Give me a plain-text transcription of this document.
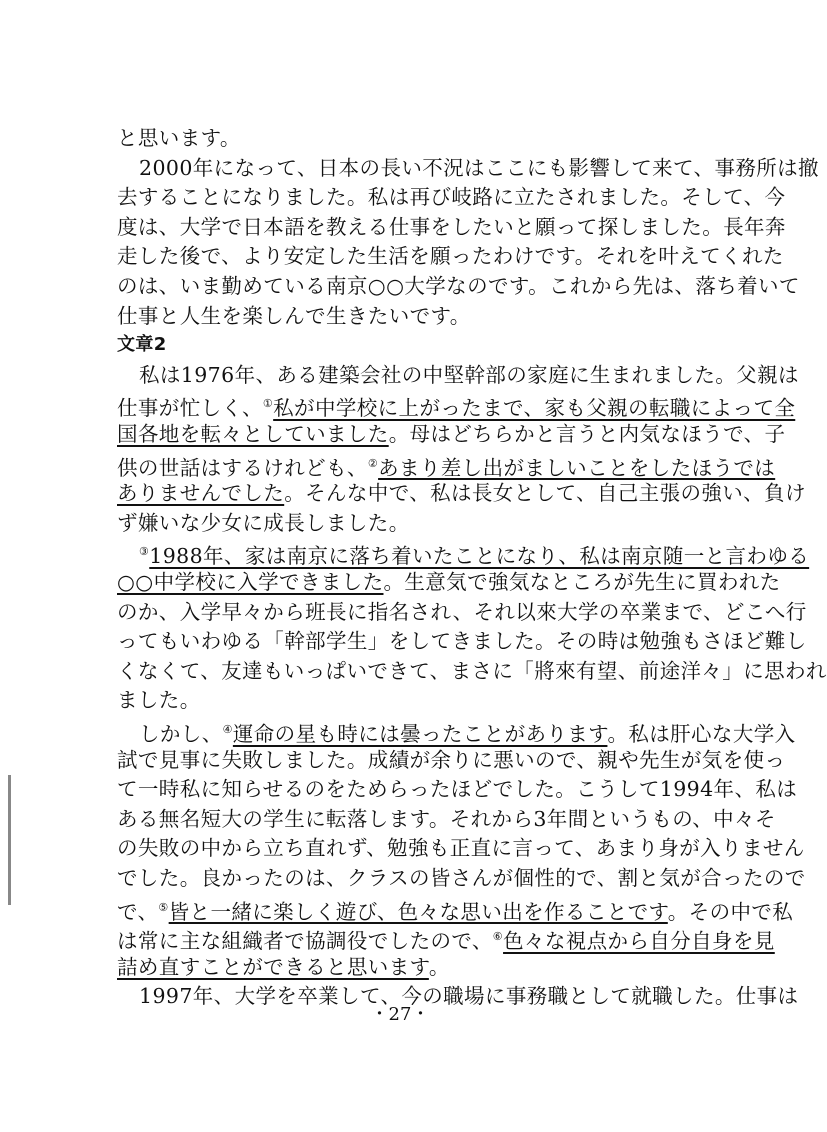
と思います。
2000年になって、日本の長い不況はここにも影響して来て、事務所は撤
去することになりました。私は再び岐路に立たされました。そして、今
度は、大学で日本語を教える仕事をしたいと願って探しました。長年奔
走した後で、より安定した生活を願ったわけです。それを叶えてくれた
のは、いま勤めている南京○○大学なのです。これから先は、落ち着いて
仕事と人生を楽しんで生きたいです。
文章2
私は1976年、ある建築会社の中堅幹部の家庭に生まれました。父親は
仕事が忙しく、①私が中学校に上がったまで、家も父親の転職によって全
国各地を転々としていました。母はどちらかと言うと内気なほうで、子
供の世話はするけれども、②あまり差し出がましいことをしたほうでは
ありませんでした。そんな中で、私は長女として、自己主張の強い、負け
ず嫌いな少女に成長しました。
③1988年、家は南京に落ち着いたことになり、私は南京随一と言わゆる
○○中学校に入学できました。生意気で強気なところが先生に買われた
のか、入学早々から班長に指名され、それ以來大学の卒業まで、どこへ行
ってもいわゆる「幹部学生」をしてきました。その時は勉強もさほど難し
くなくて、友達もいっぱいできて、まさに「將來有望、前途洋々」に思われ
ました。
しかし、④運命の星も時には曇ったことがあります。私は肝心な大学入
試で見事に失敗しました。成績が余りに悪いので、親や先生が気を使っ
て一時私に知らせるのをためらったほどでした。こうして1994年、私は
ある無名短大の学生に転落します。それから3年間というもの、中々そ
の失敗の中から立ち直れず、勉強も正直に言って、あまり身が入りません
でした。良かったのは、クラスの皆さんが個性的で、割と気が合ったので
で、⑤皆と一緒に楽しく遊び、色々な思い出を作ることです。その中で私
は常に主な組織者で協調役でしたので、⑥色々な視点から自分自身を見
詰め直すことができると思います。
1997年、大学を卒業して、今の職場に事務職として就職した。仕事は
・27・
